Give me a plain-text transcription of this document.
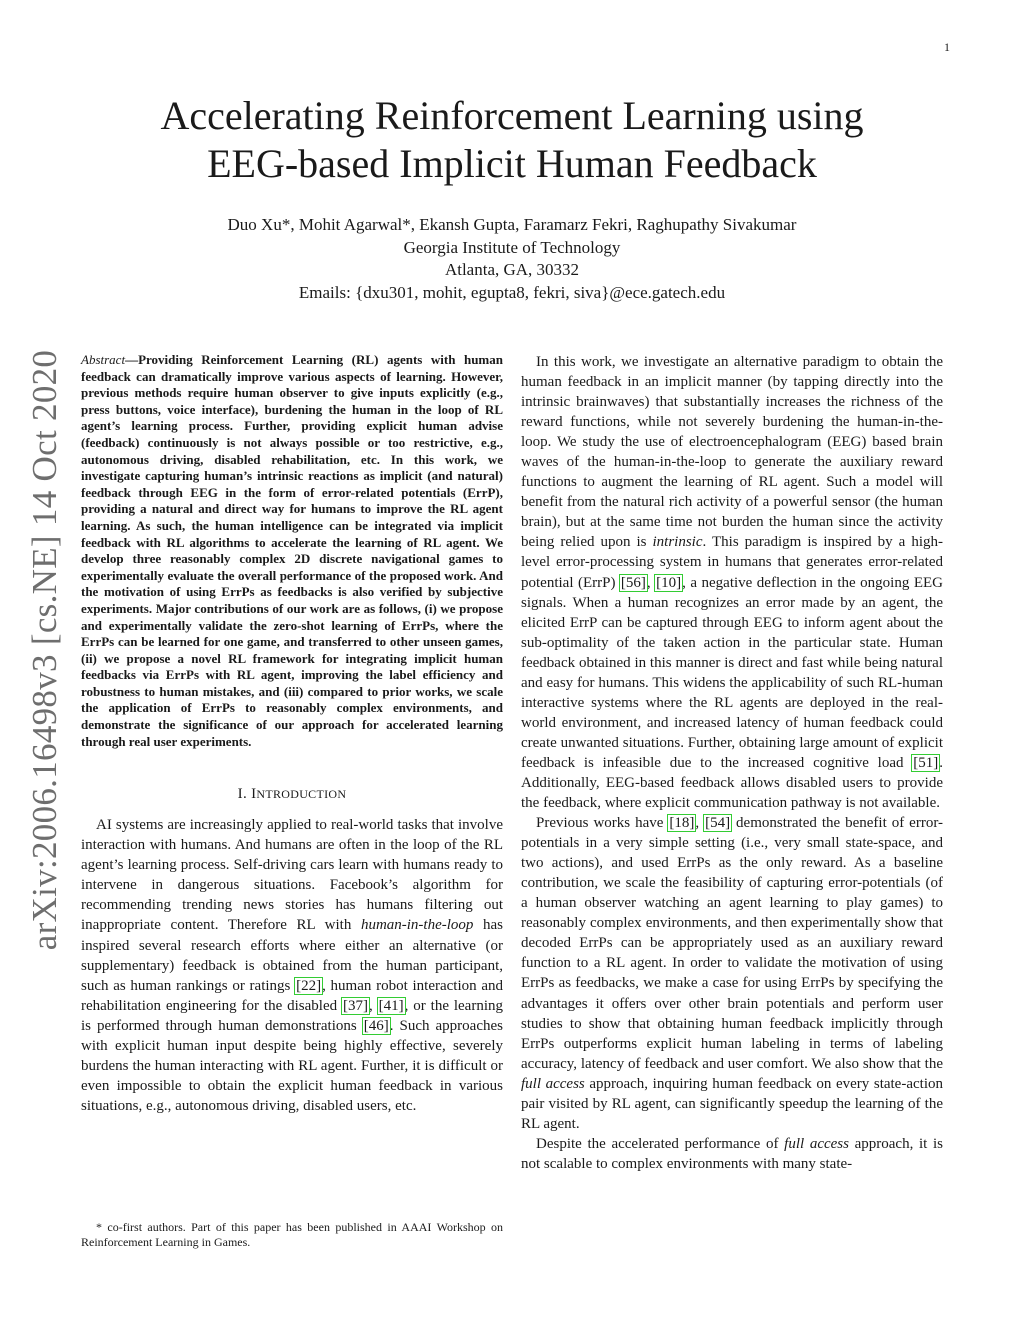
1
arXiv:2006.16498v3 [cs.NE] 14 Oct 2020
Accelerating Reinforcement Learning using
EEG-based Implicit Human Feedback
Duo Xu*, Mohit Agarwal*, Ekansh Gupta, Faramarz Fekri, Raghupathy Sivakumar
Georgia Institute of Technology
Atlanta, GA, 30332
Emails: {dxu301, mohit, egupta8, fekri, siva}@ece.gatech.edu

Abstract—Providing Reinforcement Learning (RL) agents with human feedback can dramatically improve various aspects of learning. However, previous methods require human observer to give inputs explicitly (e.g., press buttons, voice interface), burdening the human in the loop of RL agent’s learning process. Further, providing explicit human advise (feedback) continuously is not always possible or too restrictive, e.g., autonomous driving, disabled rehabilitation, etc. In this work, we investigate capturing human’s intrinsic reactions as implicit (and natural) feedback through EEG in the form of error-related potentials (ErrP), providing a natural and direct way for humans to improve the RL agent learning. As such, the human intelligence can be integrated via implicit feedback with RL algorithms to accelerate the learning of RL agent. We develop three reasonably complex 2D discrete navigational games to experimentally evaluate the overall performance of the proposed work. And the motivation of using ErrPs as feedbacks is also verified by subjective experiments. Major contributions of our work are as follows, (i) we propose and experimentally validate the zero-shot learning of ErrPs, where the ErrPs can be learned for one game, and transferred to other unseen games, (ii) we propose a novel RL framework for integrating implicit human feedbacks via ErrPs with RL agent, improving the label efficiency and robustness to human mistakes, and (iii) compared to prior works, we scale the application of ErrPs to reasonably complex environments, and demonstrate the significance of our approach for accelerated learning through real user experiments.

I. INTRODUCTION

AI systems are increasingly applied to real-world tasks that involve interaction with humans. And humans are often in the loop of the RL agent’s learning process. Self-driving cars learn with humans ready to intervene in dangerous situations. Facebook’s algorithm for recommending trending news stories has humans filtering out inappropriate content. Therefore RL with human-in-the-loop has inspired several research efforts where either an alternative (or supplementary) feedback is obtained from the human participant, such as human rankings or ratings [22], human robot interaction and rehabilitation engineering for the disabled [37], [41], or the learning is performed through human demonstrations [46]. Such approaches with explicit human input despite being highly effective, severely burdens the human interacting with RL agent. Further, it is difficult or even impossible to obtain the explicit human feedback in various situations, e.g., autonomous driving, disabled users, etc.

* co-first authors. Part of this paper has been published in AAAI Workshop on Reinforcement Learning in Games.

In this work, we investigate an alternative paradigm to obtain the human feedback in an implicit manner (by tapping directly into the intrinsic brainwaves) that substantially increases the richness of the reward functions, while not severely burdening the human-in-the-loop. We study the use of electroencephalogram (EEG) based brain waves of the human-in-the-loop to generate the auxiliary reward functions to augment the learning of RL agent. Such a model will benefit from the natural rich activity of a powerful sensor (the human brain), but at the same time not burden the human since the activity being relied upon is intrinsic. This paradigm is inspired by a high-level error-processing system in humans that generates error-related potential (ErrP) [56], [10], a negative deflection in the ongoing EEG signals. When a human recognizes an error made by an agent, the elicited ErrP can be captured through EEG to inform agent about the sub-optimality of the taken action in the particular state. Human feedback obtained in this manner is direct and fast while being natural and easy for humans. This widens the applicability of such RL-human interactive systems where the RL agents are deployed in the real-world environment, and increased latency of human feedback could create unwanted situations. Further, obtaining large amount of explicit feedback is infeasible due to the increased cognitive load [51]. Additionally, EEG-based feedback allows disabled users to provide the feedback, where explicit communication pathway is not available.

Previous works have [18], [54] demonstrated the benefit of error-potentials in a very simple setting (i.e., very small state-space, and two actions), and used ErrPs as the only reward. As a baseline contribution, we scale the feasibility of capturing error-potentials (of a human observer watching an agent learning to play games) to reasonably complex environments, and then experimentally show that decoded ErrPs can be appropriately used as an auxiliary reward function to a RL agent. In order to validate the motivation of using ErrPs as feedbacks, we make a case for using ErrPs by specifying the advantages it offers over other brain potentials and perform user studies to show that obtaining human feedback implicitly through ErrPs outperforms explicit human labeling in terms of labeling accuracy, latency of feedback and user comfort. We also show that the full access approach, inquiring human feedback on every state-action pair visited by RL agent, can significantly speedup the learning of the RL agent.

Despite the accelerated performance of full access approach, it is not scalable to complex environments with many state-
